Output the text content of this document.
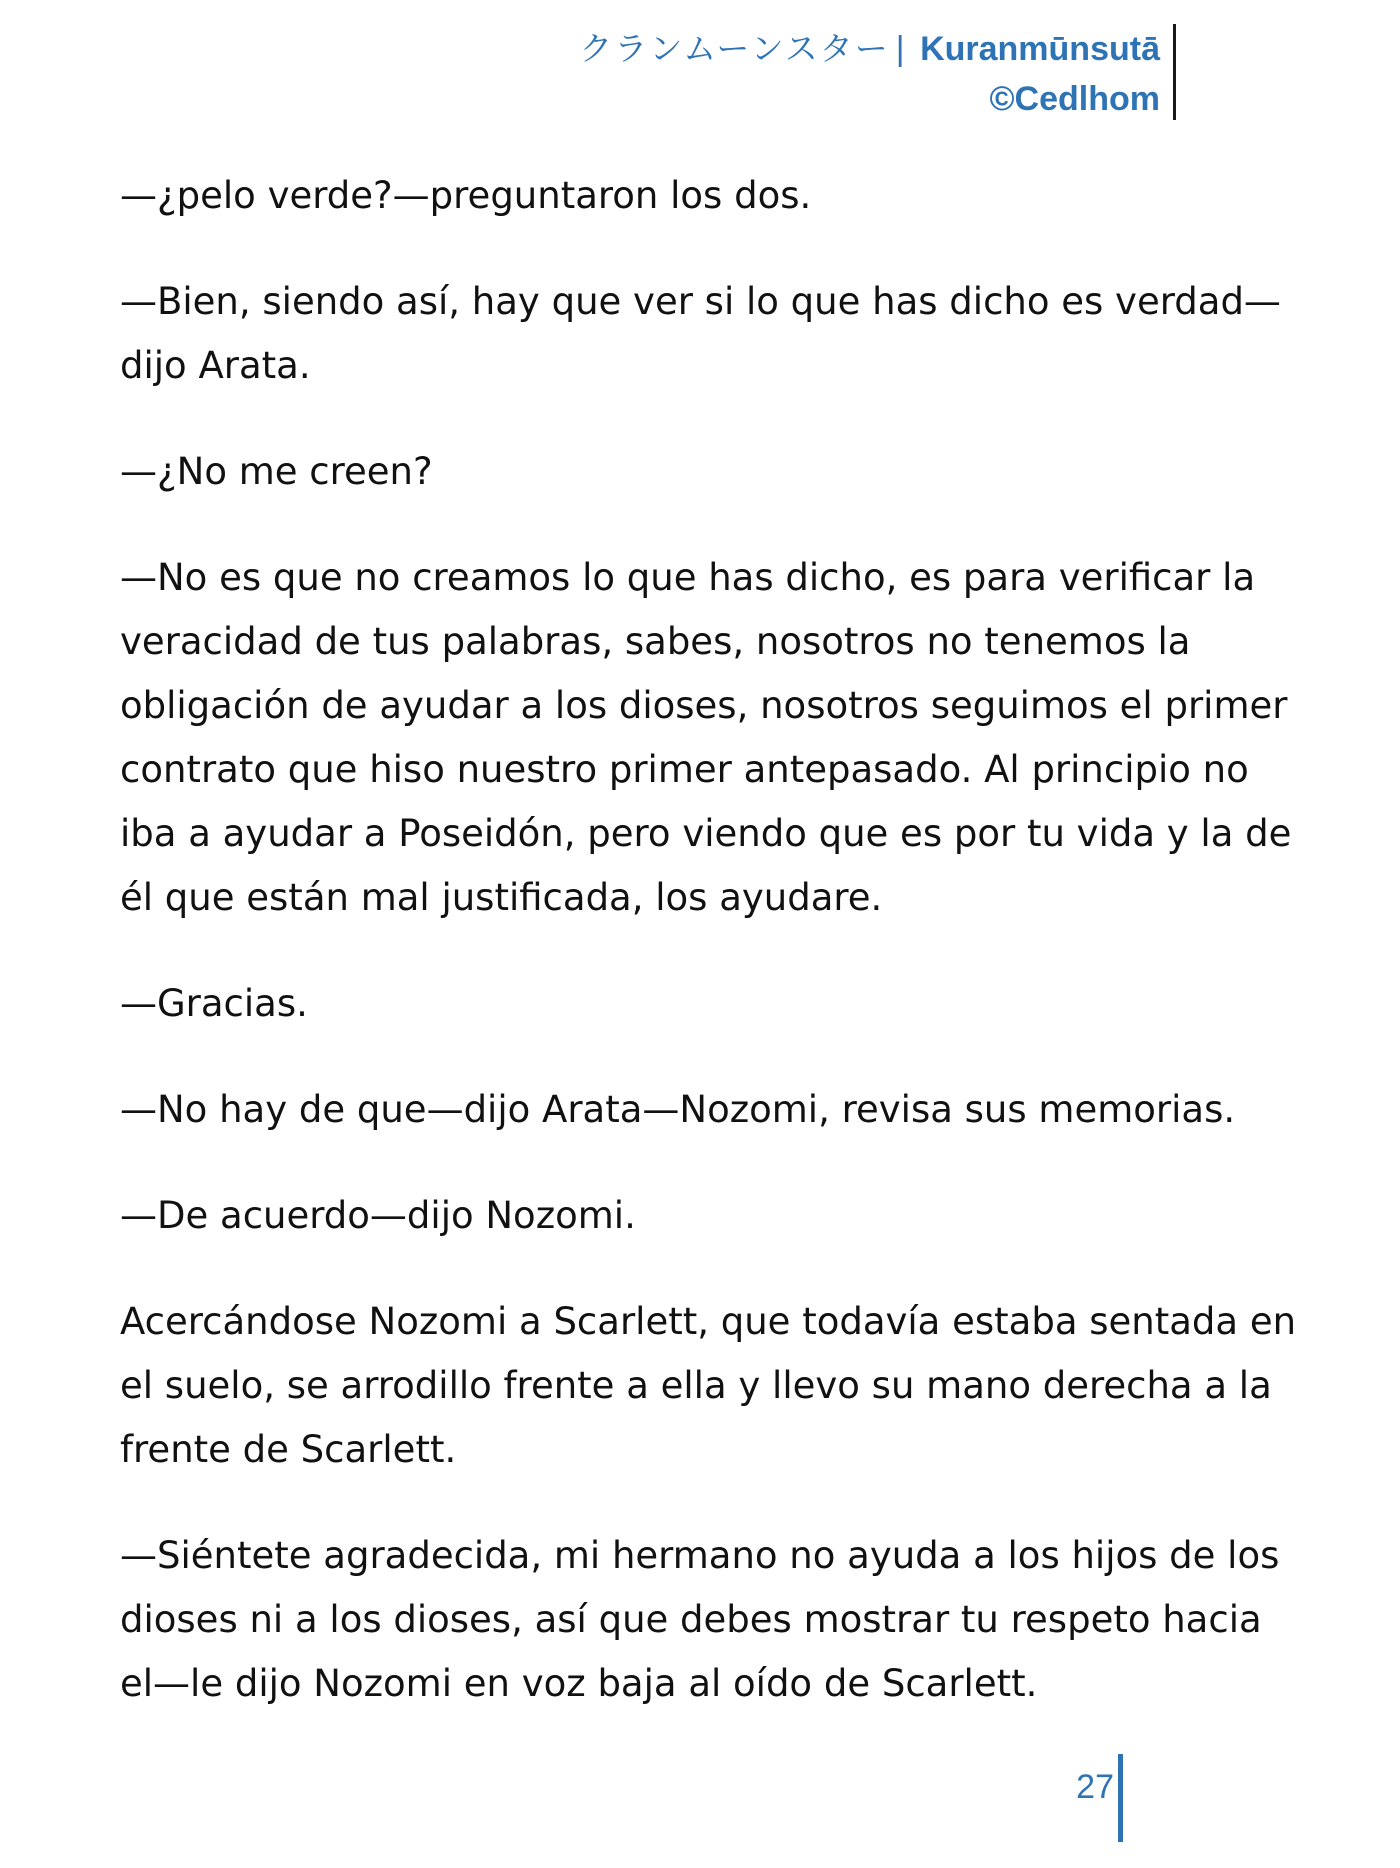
クランムーンスター | Kuranmūnsutā
©Cedlhom

—¿pelo verde?—preguntaron los dos.

—Bien, siendo así, hay que ver si lo que has dicho es verdad—dijo Arata.

—¿No me creen?

—No es que no creamos lo que has dicho, es para verificar la veracidad de tus palabras, sabes, nosotros no tenemos la obligación de ayudar a los dioses, nosotros seguimos el primer contrato que hiso nuestro primer antepasado. Al principio no iba a ayudar a Poseidón, pero viendo que es por tu vida y la de él que están mal justificada, los ayudare.

—Gracias.

—No hay de que—dijo Arata—Nozomi, revisa sus memorias.

—De acuerdo—dijo Nozomi.

Acercándose Nozomi a Scarlett, que todavía estaba sentada en el suelo, se arrodillo frente a ella y llevo su mano derecha a la frente de Scarlett.

—Siéntete agradecida, mi hermano no ayuda a los hijos de los dioses ni a los dioses, así que debes mostrar tu respeto hacia el—le dijo Nozomi en voz baja al oído de Scarlett.

27
